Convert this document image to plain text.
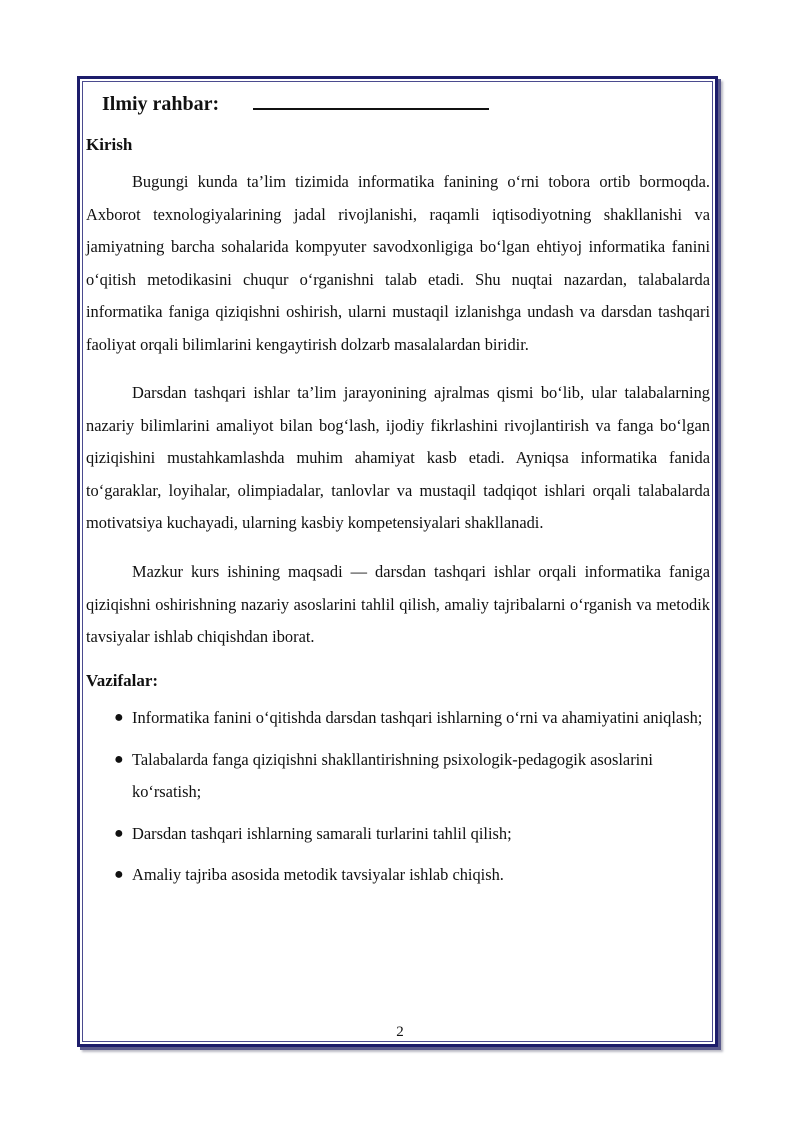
Ilmiy rahbar:
Kirish

Bugungi kunda ta’lim tizimida informatika fanining o‘rni tobora ortib bormoqda. Axborot texnologiyalarining jadal rivojlanishi, raqamli iqtisodiyotning shakllanishi va jamiyatning barcha sohalarida kompyuter savodxonligiga bo‘lgan ehtiyoj informatika fanini o‘qitish metodikasini chuqur o‘rganishni talab etadi. Shu nuqtai nazardan, talabalarda informatika faniga qiziqishni oshirish, ularni mustaqil izlanishga undash va darsdan tashqari faoliyat orqali bilimlarini kengaytirish dolzarb masalalardan biridir.

Darsdan tashqari ishlar ta’lim jarayonining ajralmas qismi bo‘lib, ular talabalarning nazariy bilimlarini amaliyot bilan bog‘lash, ijodiy fikrlashini rivojlantirish va fanga bo‘lgan qiziqishini mustahkamlashda muhim ahamiyat kasb etadi. Ayniqsa informatika fanida to‘garaklar, loyihalar, olimpiadalar, tanlovlar va mustaqil tadqiqot ishlari orqali talabalarda motivatsiya kuchayadi, ularning kasbiy kompetensiyalari shakllanadi.

Mazkur kurs ishining maqsadi — darsdan tashqari ishlar orqali informatika faniga qiziqishni oshirishning nazariy asoslarini tahlil qilish, amaliy tajribalarni o‘rganish va metodik tavsiyalar ishlab chiqishdan iborat.

Vazifalar:
● Informatika fanini o‘qitishda darsdan tashqari ishlarning o‘rni va ahamiyatini aniqlash;
● Talabalarda fanga qiziqishni shakllantirishning psixologik-pedagogik asoslarini ko‘rsatish;
● Darsdan tashqari ishlarning samarali turlarini tahlil qilish;
● Amaliy tajriba asosida metodik tavsiyalar ishlab chiqish.
2
